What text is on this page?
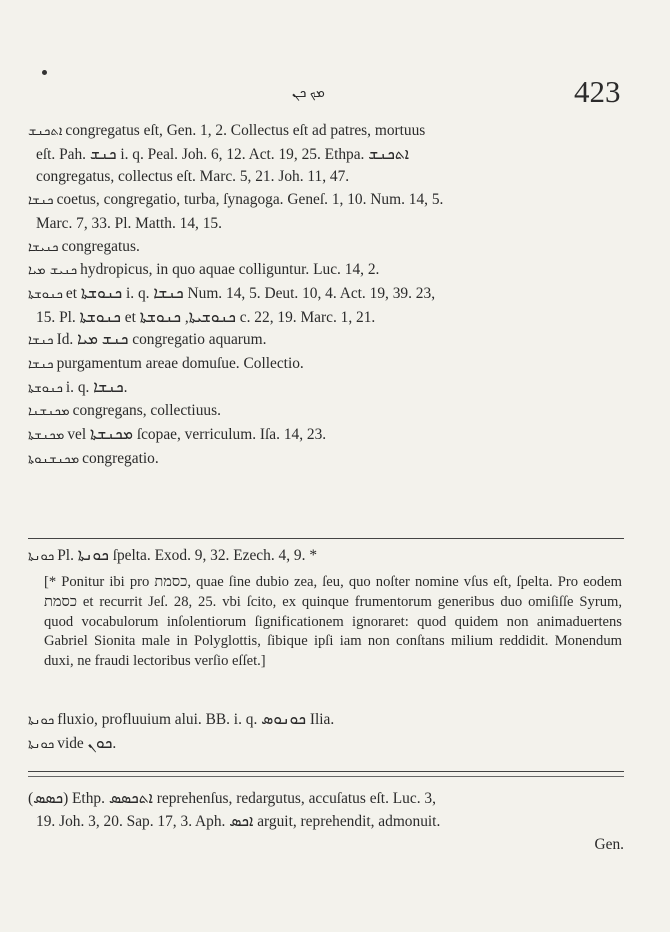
ܡܟ ܟܢ	423
ܐܬܟܢܫ congregatus eſt, Gen. 1, 2. Collectus eſt ad patres, mortuus
eſt. Pah. ܟܢܫ i. q. Peal. Joh. 6, 12. Act. 19, 25. Ethpa. ܐܬܟܢܫ
congregatus, collectus eſt. Marc. 5, 21. Joh. 11, 47.
ܟܢܫܐ coetus, congregatio, turba, ſynagoga. Geneſ. 1, 10. Num. 14, 5.
Marc. 7, 33. Pl. Matth. 14, 15.
ܟܢܝܫܐ congregatus.
ܟܢܝܫ ܡܝܐ hydropicus, in quo aquae colliguntur. Luc. 14, 2.
ܟܢܘܫܬܐ et ܟܢܘܫܬܐ i. q. ܟܢܫܐ Num. 14, 5. Deut. 10, 4. Act. 19, 39. 23,
15. Pl. ܟܢܘܫܬܐ et ܟܢܘܫܝܬܐ, ܟܢܘܫܬܐ c. 22, 19. Marc. 1, 21.
ܟܢܫܐ Id. ܟܢܫ ܡܝܐ congregatio aquarum.
ܟܢܫܐ purgamentum areae domuſue. Collectio.
ܟܢܘܫܬܐ i. q. ܟܢܫܐ.
ܡܟܢܫܢܐ congregans, collectiuus.
ܡܟܢܫܬܐ vel ܡܟܢܫܬܐ ſcopae, verriculum. Iſa. 14, 23.
ܡܟܢܫܢܘܬܐ congregatio.
ܟܘܢܬܐ Pl. ܟܘܢܬܐ ſpelta. Exod. 9, 32. Ezech. 4, 9. *
[* Ponitur ibi pro כסמת, quae ſine dubio zea, ſeu, quo noſter nomine vſus eſt, ſpelta. Pro eodem כסמת et recurrit Jeſ. 28, 25. vbi ſcito, ex quinque frumentorum generibus duo omiſiſſe Syrum, quod vocabulorum inſolentiorum ſignificationem ignoraret: quod quidem non animaduertens Gabriel Sionita male in Polyglottis, ſibique ipſi iam non conſtans milium reddidit. Monendum duxi, ne fraudi lectoribus verſio eſſet.]
ܟܘܢܬܐ fluxio, profluuium alui. BB. i. q. ܟܘܢܘܣ Ilia.
ܟܘܢܬܐ vide ܟܘܢ.
(ܟܣܣ) Ethp. ܐܬܟܣܣ reprehenſus, redargutus, accuſatus eſt. Luc. 3,
19. Joh. 3, 20. Sap. 17, 3. Aph. ܐܟܣ arguit, reprehendit, admonuit.
Gen.
